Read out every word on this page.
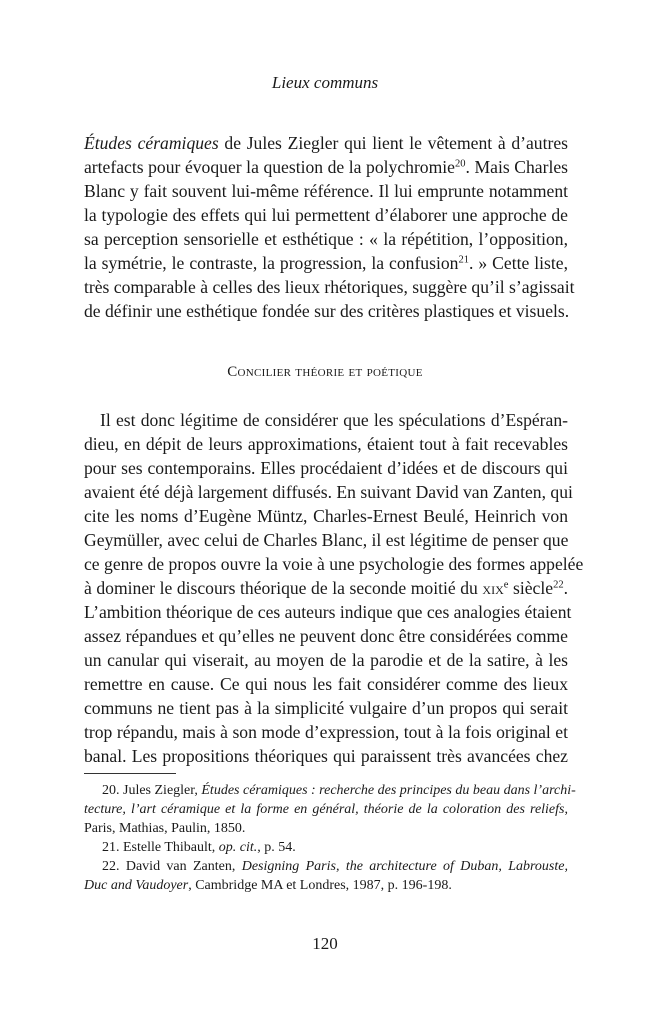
Lieux communs
Études céramiques de Jules Ziegler qui lient le vêtement à d’autres
artefacts pour évoquer la question de la polychromie$^{20}$. Mais Charles
Blanc y fait souvent lui-même référence. Il lui emprunte notamment
la typologie des effets qui lui permettent d’élaborer une approche de
sa perception sensorielle et esthétique : « la répétition, l’opposition,
la symétrie, le contraste, la progression, la confusion$^{21}$. » Cette liste,
très comparable à celles des lieux rhétoriques, suggère qu’il s’agissait
de définir une esthétique fondée sur des critères plastiques et visuels.
Concilier théorie et poétique
Il est donc légitime de considérer que les spéculations d’Espéran-
dieu, en dépit de leurs approximations, étaient tout à fait recevables
pour ses contemporains. Elles procédaient d’idées et de discours qui
avaient été déjà largement diffusés. En suivant David van Zanten, qui
cite les noms d’Eugène Müntz, Charles-Ernest Beulé, Heinrich von
Geymüller, avec celui de Charles Blanc, il est légitime de penser que
ce genre de propos ouvre la voie à une psychologie des formes appelée
à dominer le discours théorique de la seconde moitié du xix$^e$ siècle$^{22}$.
L’ambition théorique de ces auteurs indique que ces analogies étaient
assez répandues et qu’elles ne peuvent donc être considérées comme
un canular qui viserait, au moyen de la parodie et de la satire, à les
remettre en cause. Ce qui nous les fait considérer comme des lieux
communs ne tient pas à la simplicité vulgaire d’un propos qui serait
trop répandu, mais à son mode d’expression, tout à la fois original et
banal. Les propositions théoriques qui paraissent très avancées chez
20. Jules Ziegler, Études céramiques : recherche des principes du beau dans l’archi-
tecture, l’art céramique et la forme en général, théorie de la coloration des reliefs,
Paris, Mathias, Paulin, 1850.
21. Estelle Thibault, op. cit., p. 54.
22. David van Zanten, Designing Paris, the architecture of Duban, Labrouste,
Duc and Vaudoyer, Cambridge MA et Londres, 1987, p. 196-198.
120
